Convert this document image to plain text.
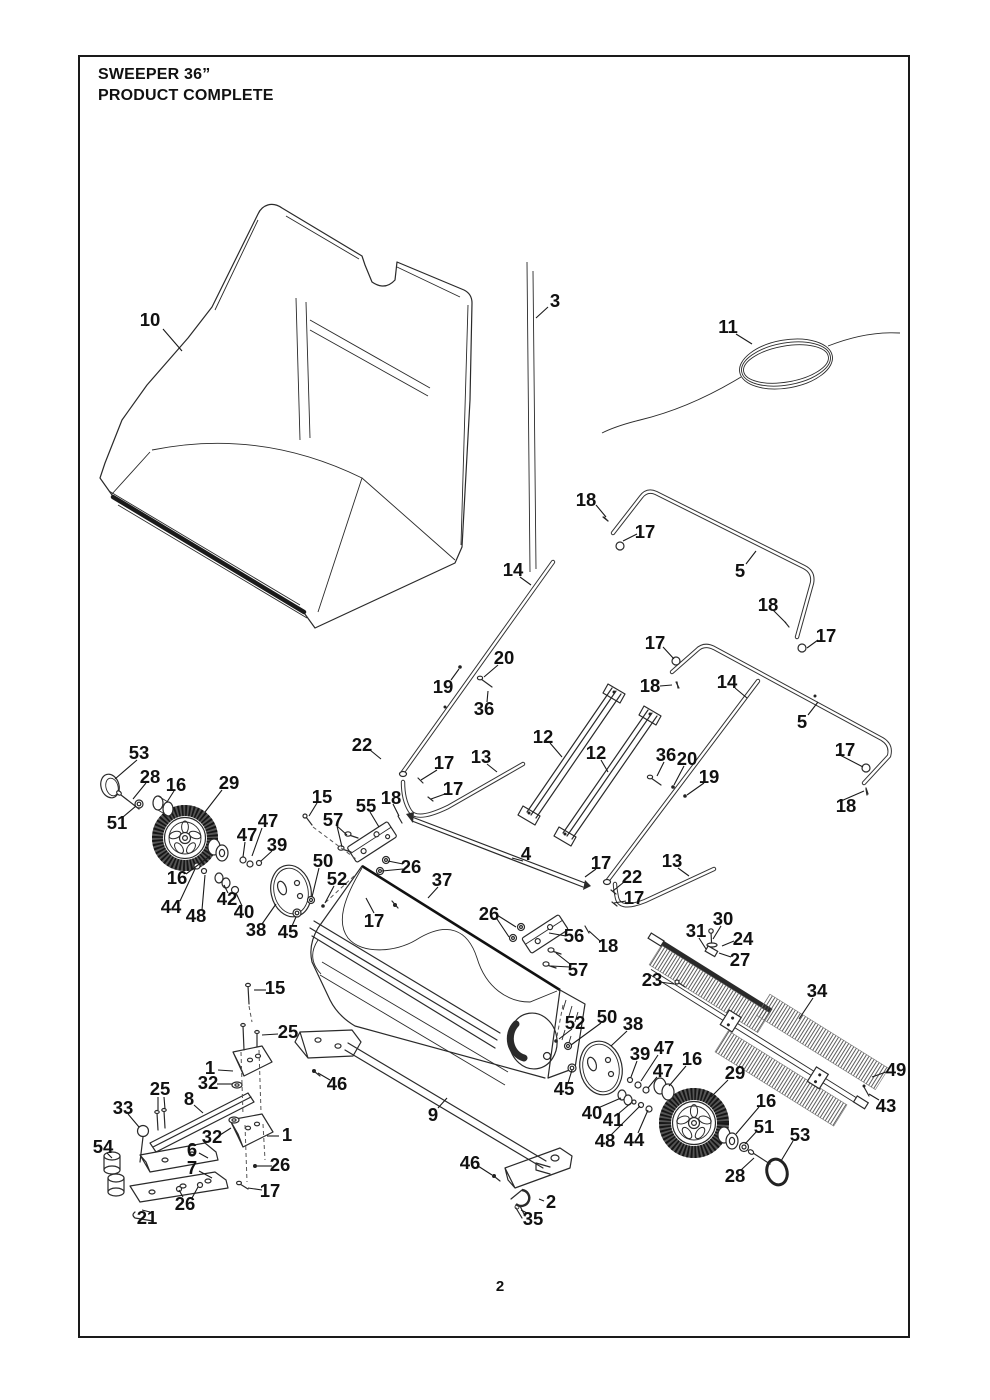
SWEEPER 36”
PRODUCT COMPLETE
10
3
11
18
17
5
18
17
14
17
18	14
5
20
19
36
22
17
17
13
12
12	36 20
19
17
18
53
28 16 29
51
15 55 18
57
47
47 39
50
52
16
44 48
42
40
38 45
26
37
4
17	26
56 18
57
17
22
17
13
30
31 24
27
23
34
49
43
15
25
1
32
25 8
33
32	1
54	6
7	26
26
17
21
46
9
46
2
35
52 50 38
39 47
47
16
29
45
40 41
48 44
16
51 53
28
2
